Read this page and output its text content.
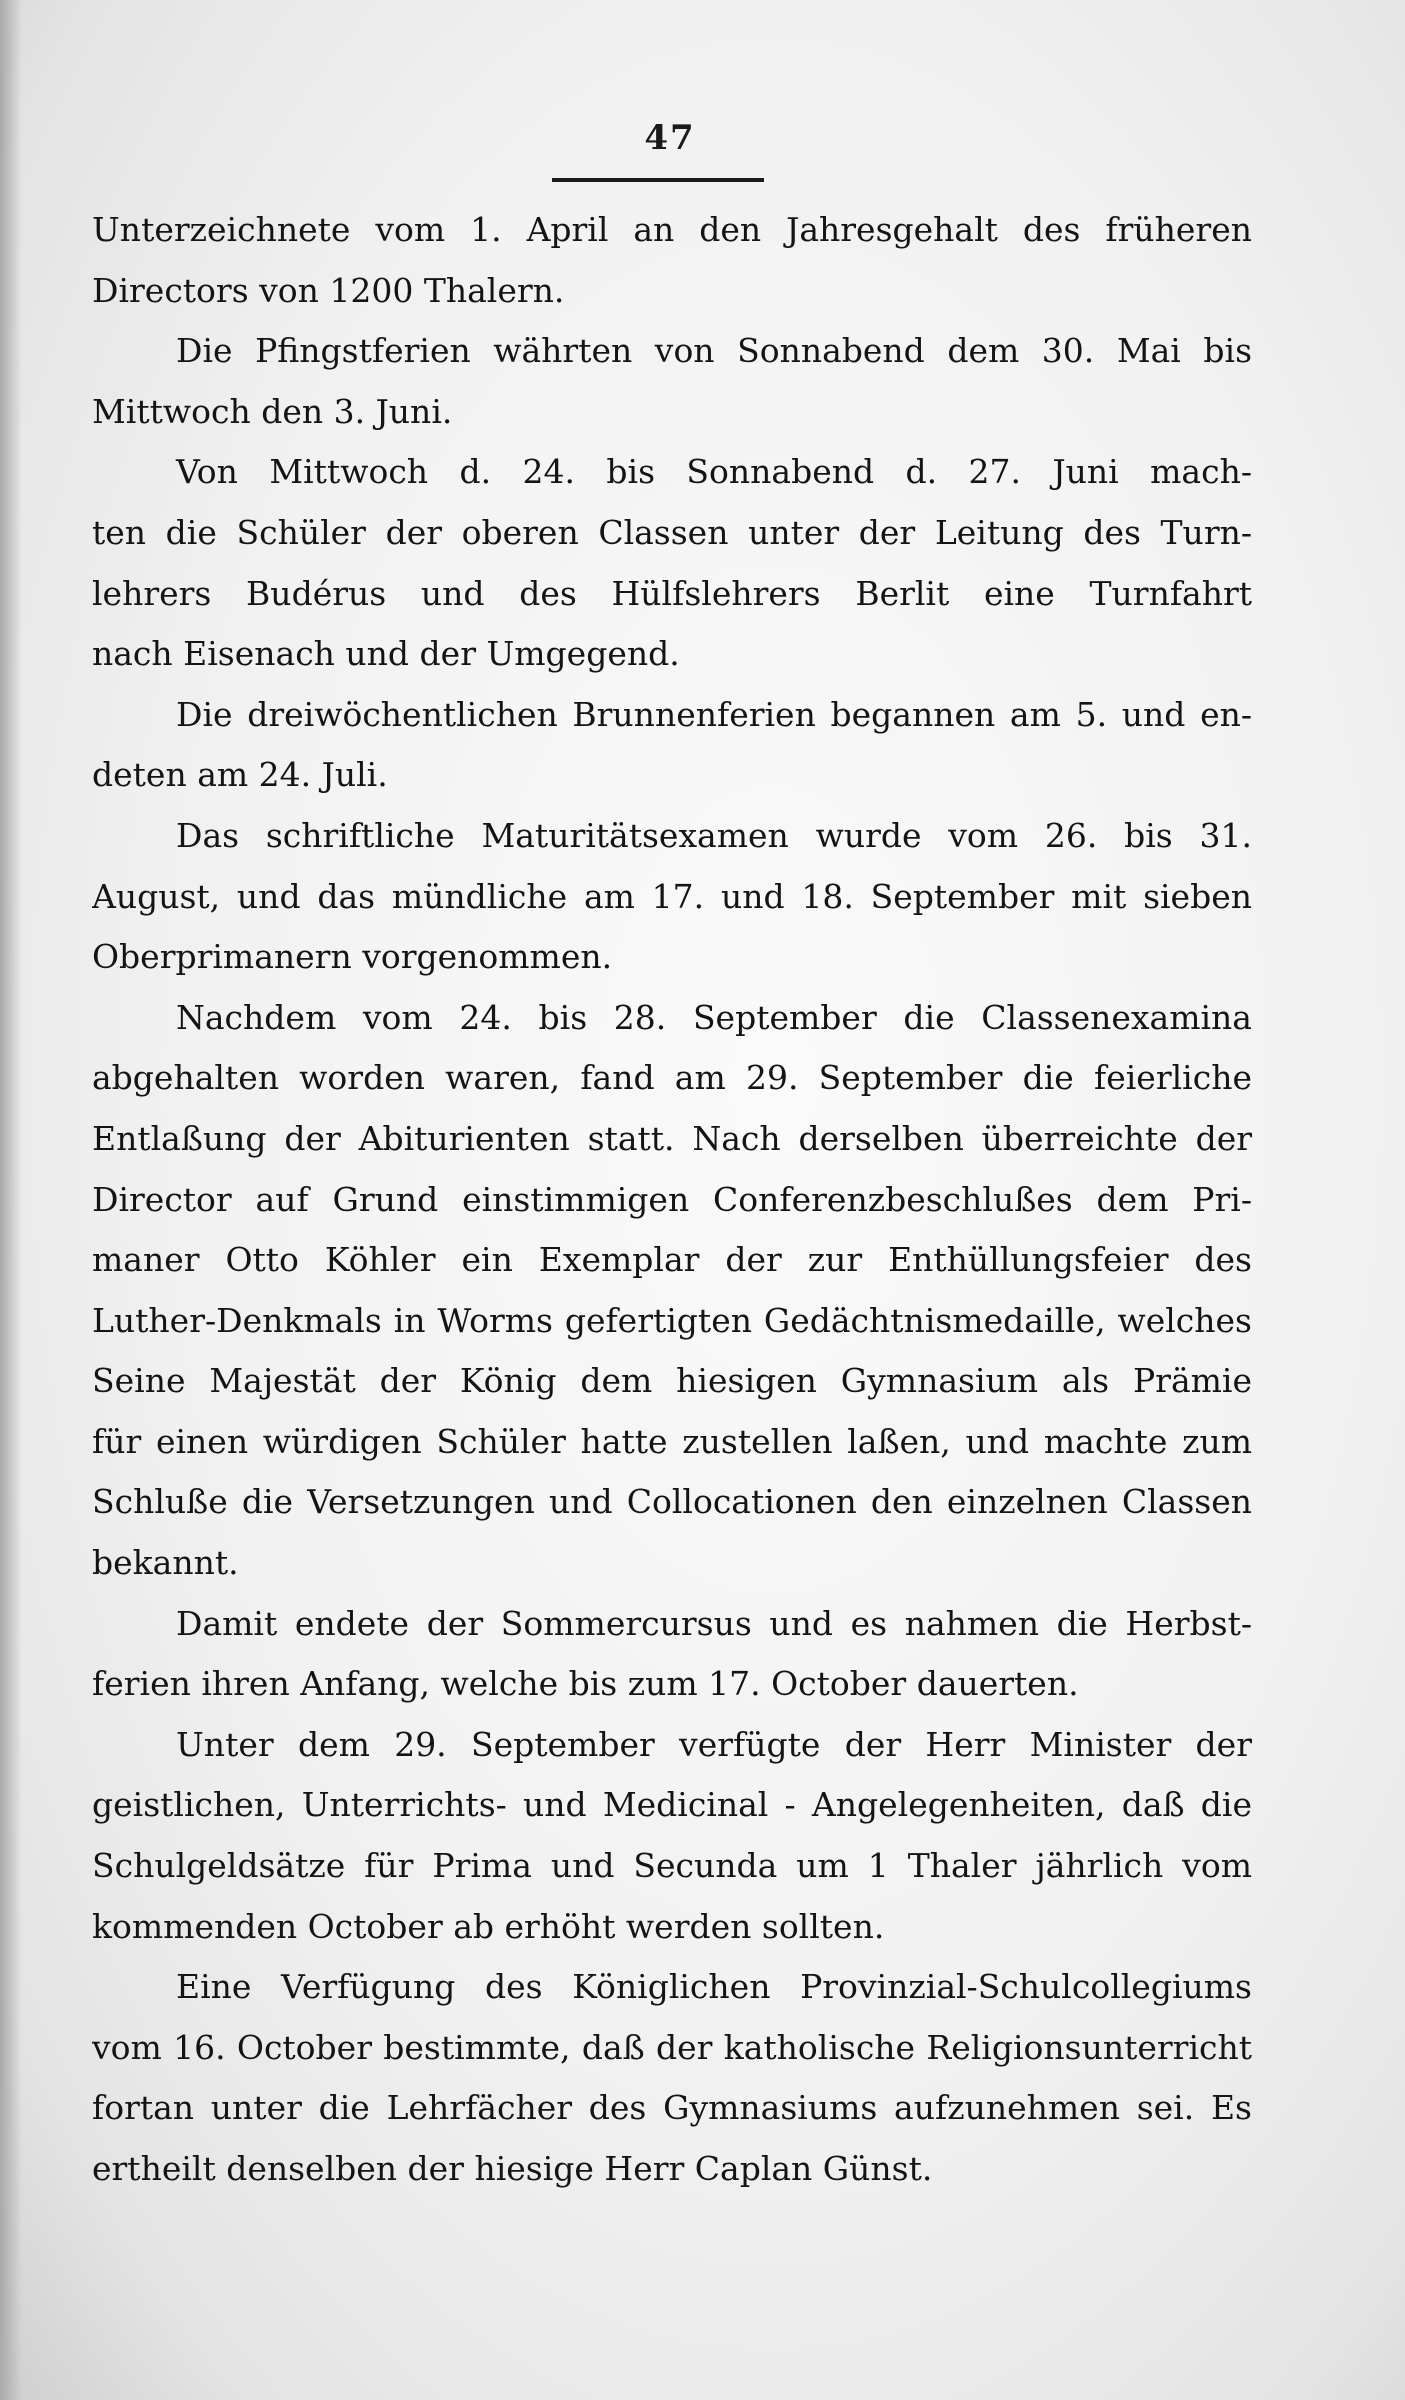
47
Unterzeichnete vom 1. April an den Jahresgehalt des früheren
Directors von 1200 Thalern.
Die Pfingstferien währten von Sonnabend dem 30. Mai bis
Mittwoch den 3. Juni.
Von Mittwoch d. 24. bis Sonnabend d. 27. Juni mach-
ten die Schüler der oberen Classen unter der Leitung des Turn-
lehrers Budérus und des Hülfslehrers Berlit eine Turnfahrt
nach Eisenach und der Umgegend.
Die dreiwöchentlichen Brunnenferien begannen am 5. und en-
deten am 24. Juli.
Das schriftliche Maturitätsexamen wurde vom 26. bis 31.
August, und das mündliche am 17. und 18. September mit sieben
Oberprimanern vorgenommen.
Nachdem vom 24. bis 28. September die Classenexamina
abgehalten worden waren, fand am 29. September die feierliche
Entlaßung der Abiturienten statt. Nach derselben überreichte der
Director auf Grund einstimmigen Conferenzbeschlußes dem Pri-
maner Otto Köhler ein Exemplar der zur Enthüllungsfeier des
Luther-Denkmals in Worms gefertigten Gedächtnismedaille, welches
Seine Majestät der König dem hiesigen Gymnasium als Prämie
für einen würdigen Schüler hatte zustellen laßen, und machte zum
Schluße die Versetzungen und Collocationen den einzelnen Classen
bekannt.
Damit endete der Sommercursus und es nahmen die Herbst-
ferien ihren Anfang, welche bis zum 17. October dauerten.
Unter dem 29. September verfügte der Herr Minister der
geistlichen, Unterrichts- und Medicinal - Angelegenheiten, daß die
Schulgeldsätze für Prima und Secunda um 1 Thaler jährlich vom
kommenden October ab erhöht werden sollten.
Eine Verfügung des Königlichen Provinzial-Schulcollegiums
vom 16. October bestimmte, daß der katholische Religionsunterricht
fortan unter die Lehrfächer des Gymnasiums aufzunehmen sei. Es
ertheilt denselben der hiesige Herr Caplan Günst.
